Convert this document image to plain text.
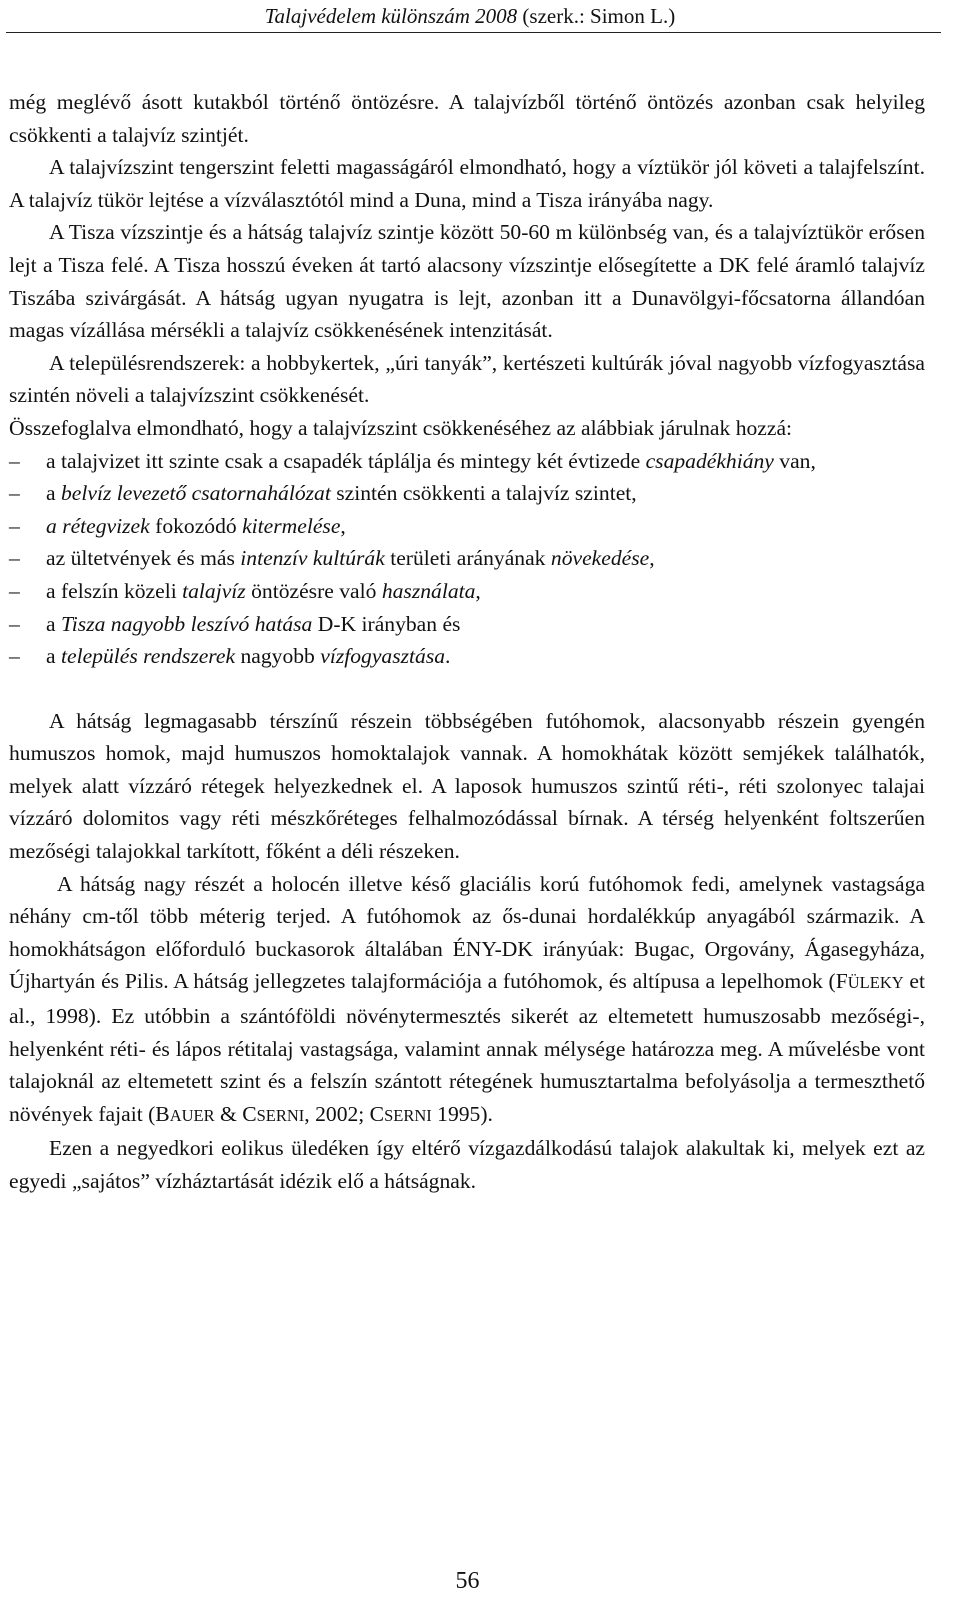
Talajvédelem különszám 2008 (szerk.: Simon L.)

még meglévő ásott kutakból történő öntözésre. A talajvízből történő öntözés azonban csak helyileg csökkenti a talajvíz szintjét.

A talajvízszint tengerszint feletti magasságáról elmondható, hogy a víztükör jól követi a talajfelszínt. A talajvíz tükör lejtése a vízválasztótól mind a Duna, mind a Tisza irányába nagy.

A Tisza vízszintje és a hátság talajvíz szintje között 50-60 m különbség van, és a talajvíztükör erősen lejt a Tisza felé. A Tisza hosszú éveken át tartó alacsony vízszintje elősegítette a DK felé áramló talajvíz Tiszába szivárgását. A hátság ugyan nyugatra is lejt, azonban itt a Dunavölgyi-főcsatorna állandóan magas vízállása mérsékli a talajvíz csökkenésének intenzitását.

A településrendszerek: a hobbykertek, „úri tanyák”, kertészeti kultúrák jóval nagyobb vízfogyasztása szintén növeli a talajvízszint csökkenését.

Összefoglalva elmondható, hogy a talajvízszint csökkenéséhez az alábbiak járulnak hozzá:

– a talajvizet itt szinte csak a csapadék táplálja és mintegy két évtizede csapadékhiány van,
– a belvíz levezető csatornahálózat szintén csökkenti a talajvíz szintet,
– a rétegvizek fokozódó kitermelése,
– az ültetvények és más intenzív kultúrák területi arányának növekedése,
– a felszín közeli talajvíz öntözésre való használata,
– a Tisza nagyobb leszívó hatása D-K irányban és
– a település rendszerek nagyobb vízfogyasztása.

A hátság legmagasabb térszínű részein többségében futóhomok, alacsonyabb részein gyengén humuszos homok, majd humuszos homoktalajok vannak. A homokhátak között semjékek találhatók, melyek alatt vízzáró rétegek helyezkednek el. A laposok humuszos szintű réti-, réti szolonyec talajai vízzáró dolomitos vagy réti mészkőréteges felhalmozódással bírnak. A térség helyenként foltszerűen mezőségi talajokkal tarkított, főként a déli részeken.

A hátság nagy részét a holocén illetve késő glaciális korú futóhomok fedi, amelynek vastagsága néhány cm-től több méterig terjed. A futóhomok az ős-dunai hordalékkúp anyagából származik. A homokhátságon előforduló buckasorok általában ÉNY-DK irányúak: Bugac, Orgovány, Ágasegyháza, Újhartyán és Pilis. A hátság jellegzetes talajformációja a futóhomok, és altípusa a lepelhomok (FÜLEKY et al., 1998). Ez utóbbin a szántóföldi növénytermesztés sikerét az eltemetett humuszosabb mezőségi-, helyenként réti- és lápos rétitalaj vastagsága, valamint annak mélysége határozza meg. A művelésbe vont talajoknál az eltemetett szint és a felszín szántott rétegének humusztartalma befolyásolja a termeszthető növények fajait (BAUER & CSERNI, 2002; CSERNI 1995).

Ezen a negyedkori eolikus üledéken így eltérő vízgazdálkodású talajok alakultak ki, melyek ezt az egyedi „sajátos” vízháztartását idézik elő a hátságnak.

56
